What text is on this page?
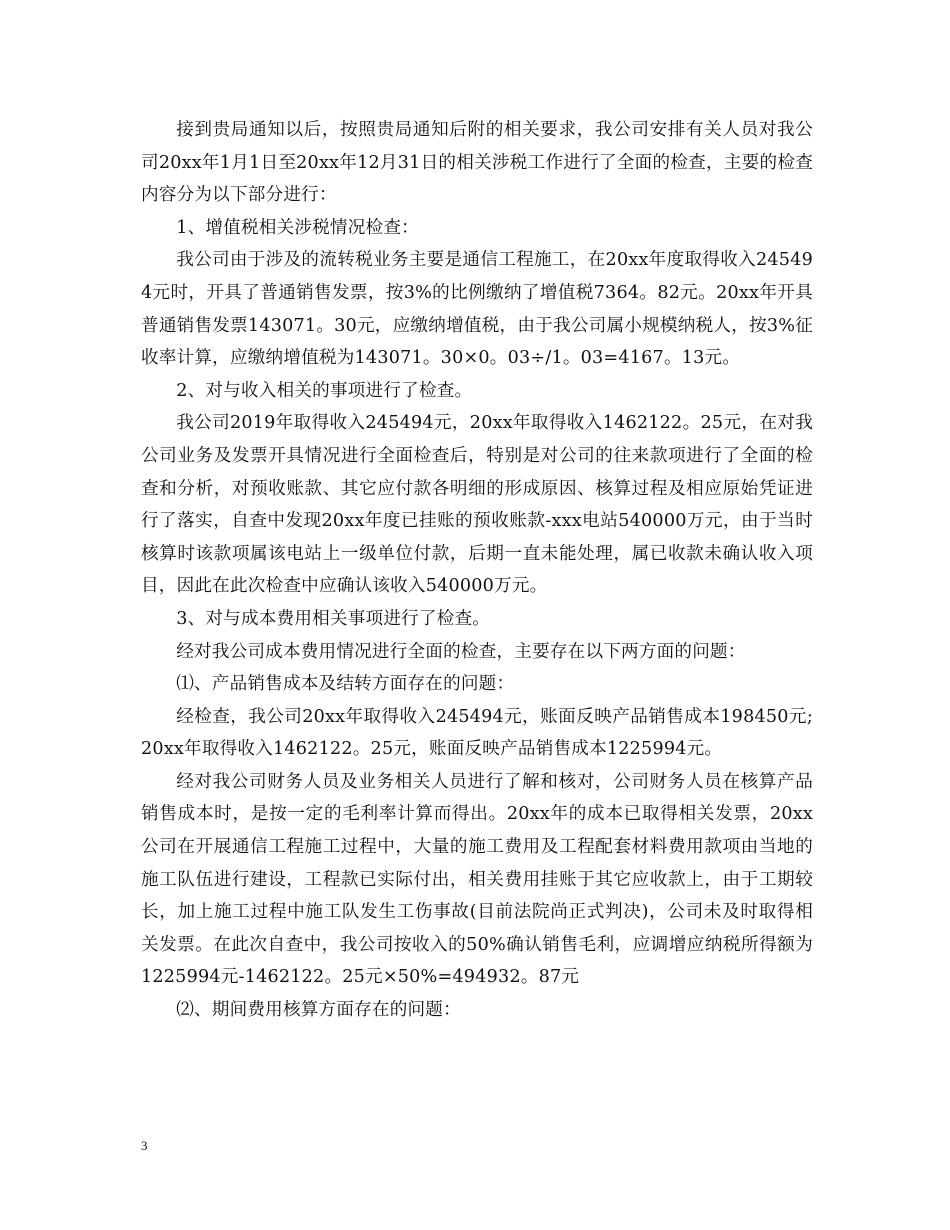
接到贵局通知以后，按照贵局通知后附的相关要求，我公司安排有关人员对我公司20xx年1月1日至20xx年12月31日的相关涉税工作进行了全面的检查，主要的检查内容分为以下部分进行：

1、增值税相关涉税情况检查：

我公司由于涉及的流转税业务主要是通信工程施工，在20xx年度取得收入245494元时，开具了普通销售发票，按3%的比例缴纳了增值税7364。82元。20xx年开具普通销售发票143071。30元，应缴纳增值税，由于我公司属小规模纳税人，按3%征收率计算，应缴纳增值税为143071。30×0。03÷/1。03=4167。13元。

2、对与收入相关的事项进行了检查。

我公司2019年取得收入245494元，20xx年取得收入1462122。25元，在对我公司业务及发票开具情况进行全面检查后，特别是对公司的往来款项进行了全面的检查和分析，对预收账款、其它应付款各明细的形成原因、核算过程及相应原始凭证进行了落实，自查中发现20xx年度已挂账的预收账款-xxx电站540000万元，由于当时核算时该款项属该电站上一级单位付款，后期一直未能处理，属已收款未确认收入项目，因此在此次检查中应确认该收入540000万元。

3、对与成本费用相关事项进行了检查。

经对我公司成本费用情况进行全面的检查，主要存在以下两方面的问题：

⑴、产品销售成本及结转方面存在的问题：

经检查，我公司20xx年取得收入245494元，账面反映产品销售成本198450元;20xx年取得收入1462122。25元，账面反映产品销售成本1225994元。

经对我公司财务人员及业务相关人员进行了解和核对，公司财务人员在核算产品销售成本时，是按一定的毛利率计算而得出。20xx年的成本已取得相关发票，20xx公司在开展通信工程施工过程中，大量的施工费用及工程配套材料费用款项由当地的施工队伍进行建设，工程款已实际付出，相关费用挂账于其它应收款上，由于工期较长，加上施工过程中施工队发生工伤事故(目前法院尚正式判决)，公司未及时取得相关发票。在此次自查中，我公司按收入的50%确认销售毛利，应调增应纳税所得额为1225994元-1462122。25元×50%=494932。87元

⑵、期间费用核算方面存在的问题：

3
